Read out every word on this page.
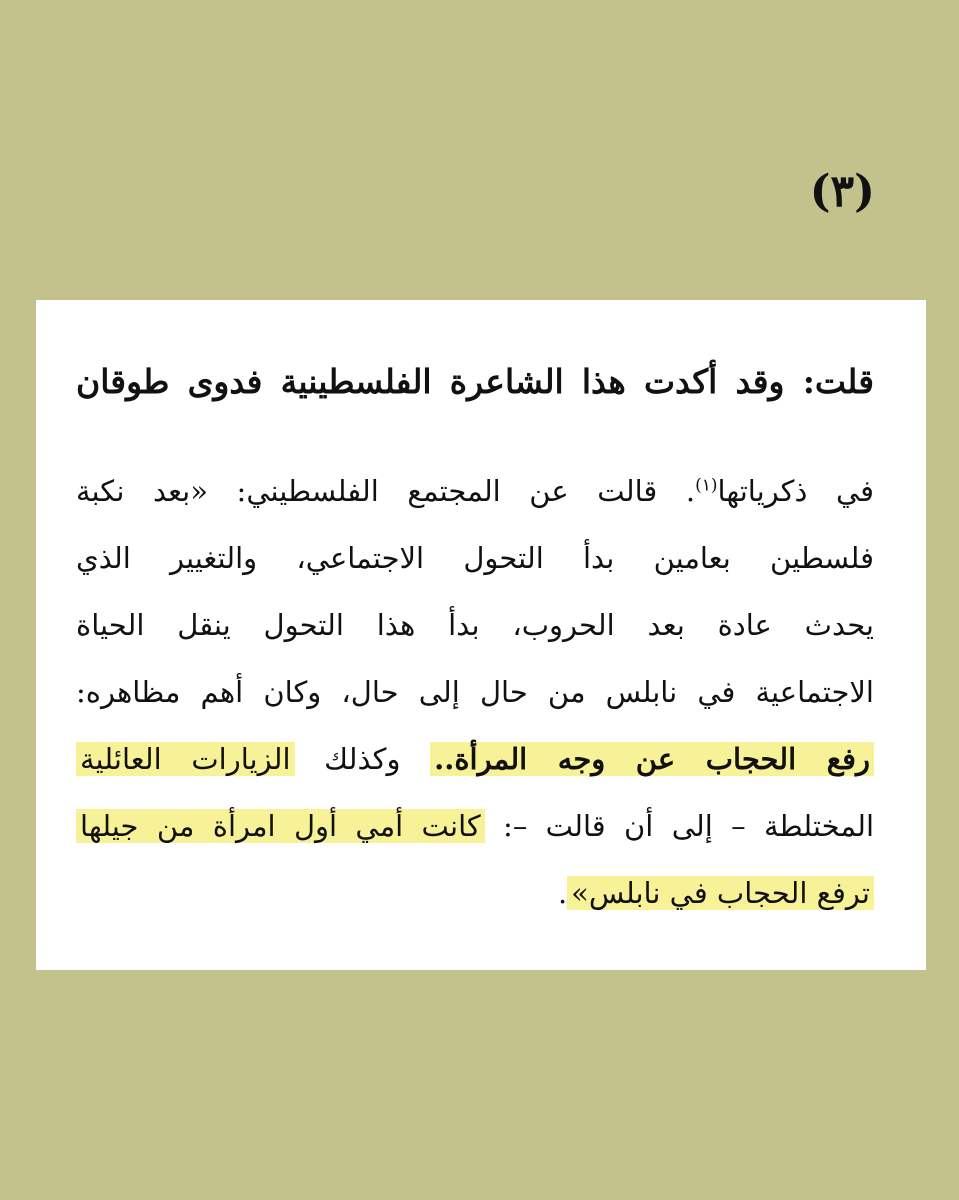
(٣)
قلت: وقد أكدت هذا الشاعرة الفلسطينية فدوى طوقان
في ذكرياتها$^{(١)}$. قالت عن المجتمع الفلسطيني: «بعد نكبة
فلسطين بعامين بدأ التحول الاجتماعي، والتغيير الذي
يحدث عادة بعد الحروب، بدأ هذا التحول ينقل الحياة
الاجتماعية في نابلس من حال إلى حال، وكان أهم مظاهره:
رفع الحجاب عن وجه المرأة.. وكذلك الزيارات العائلية
المختلطة – إلى أن قالت –: كانت أمي أول امرأة من جيلها
ترفع الحجاب في نابلس».
